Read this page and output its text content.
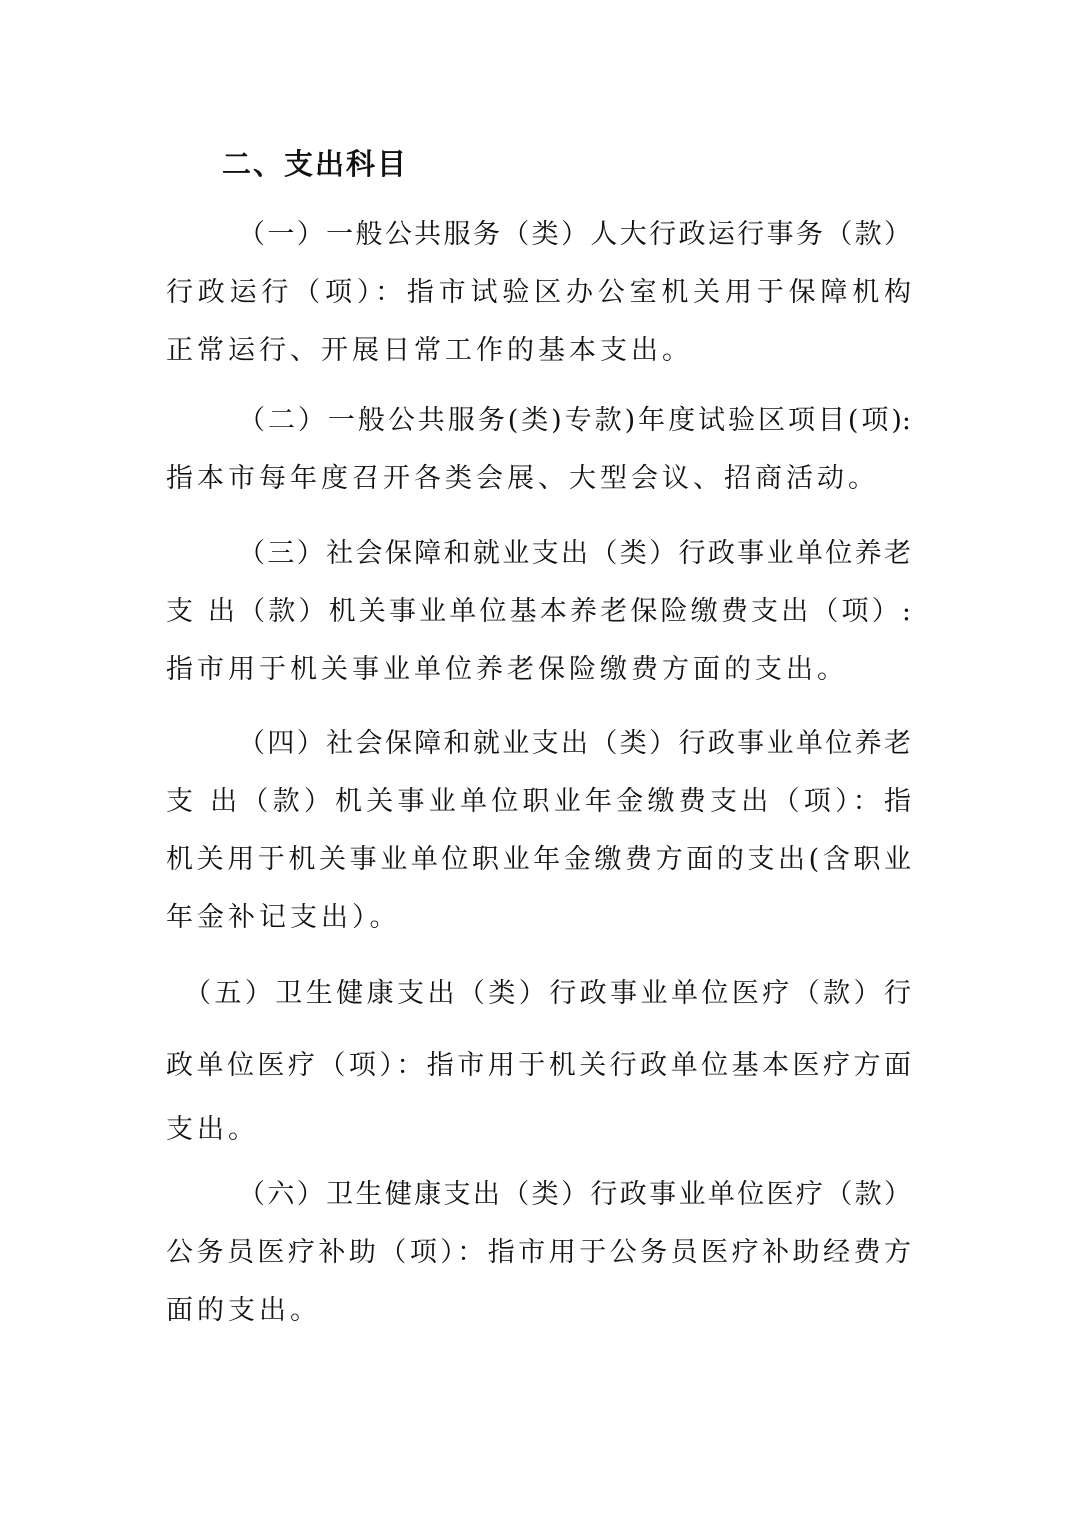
二、支出科目
（一）一般公共服务（类）人大行政运行事务（款）
行政运行（项）：指市试验区办公室机关用于保障机构
正常运行、开展日常工作的基本支出。
（二）一般公共服务(类)专款)年度试验区项目(项):
指本市每年度召开各类会展、大型会议、招商活动。
（三）社会保障和就业支出（类）行政事业单位养老
支 出（款）机关事业单位基本养老保险缴费支出（项）:
指市用于机关事业单位养老保险缴费方面的支出。
（四）社会保障和就业支出（类）行政事业单位养老
支 出（款）机关事业单位职业年金缴费支出（项）：指
机关用于机关事业单位职业年金缴费方面的支出(含职业
年金补记支出）。
（五）卫生健康支出（类）行政事业单位医疗（款）行
政单位医疗（项）：指市用于机关行政单位基本医疗方面
支出。
（六）卫生健康支出（类）行政事业单位医疗（款）
公务员医疗补助（项）：指市用于公务员医疗补助经费方
面的支出。
